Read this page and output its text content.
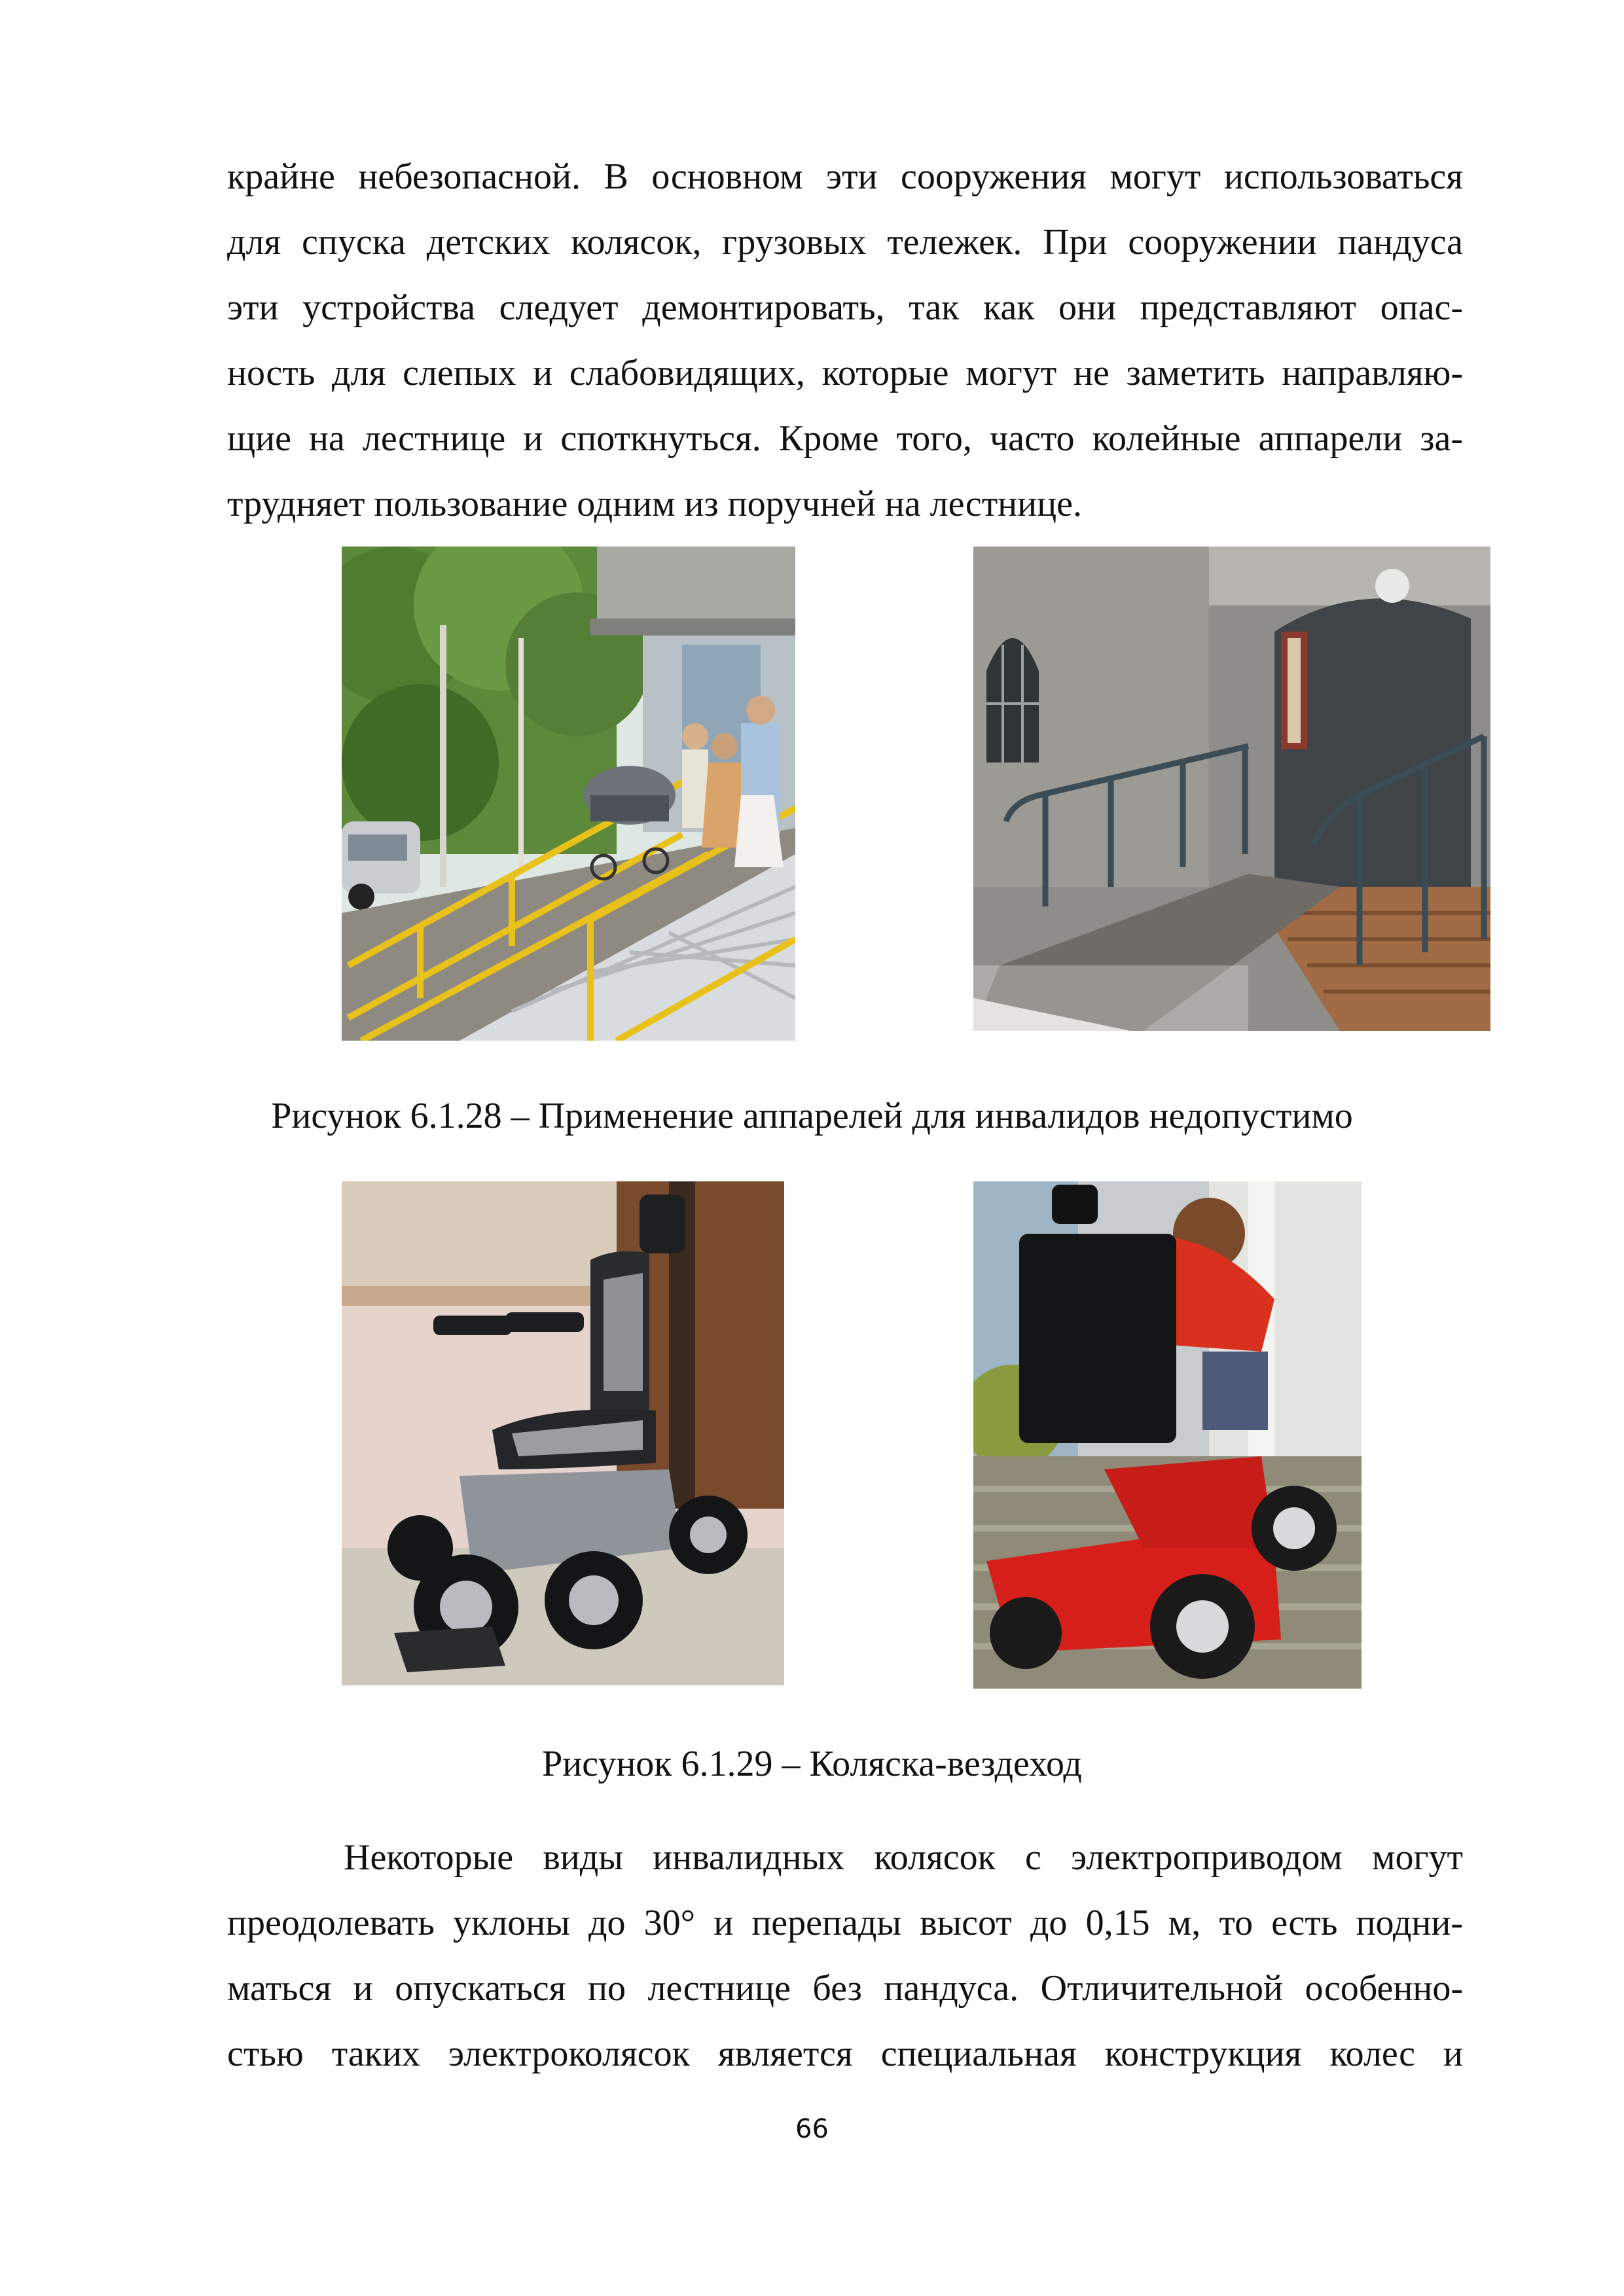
крайне небезопасной. В основном эти сооружения могут использоваться
для спуска детских колясок, грузовых тележек. При сооружении пандуса
эти устройства следует демонтировать, так как они представляют опас-
ность для слепых и слабовидящих, которые могут не заметить направляю-
щие на лестнице и споткнуться. Кроме того, часто колейные аппарели за-
трудняет пользование одним из поручней на лестнице.

Рисунок 6.1.28 – Применение аппарелей для инвалидов недопустимо

Рисунок 6.1.29 – Коляска-вездеход

Некоторые виды инвалидных колясок с электроприводом могут
преодолевать уклоны до 30° и перепады высот до 0,15 м, то есть подни-
маться и опускаться по лестнице без пандуса. Отличительной особенно-
стью таких электроколясок является специальная конструкция колес и
66
